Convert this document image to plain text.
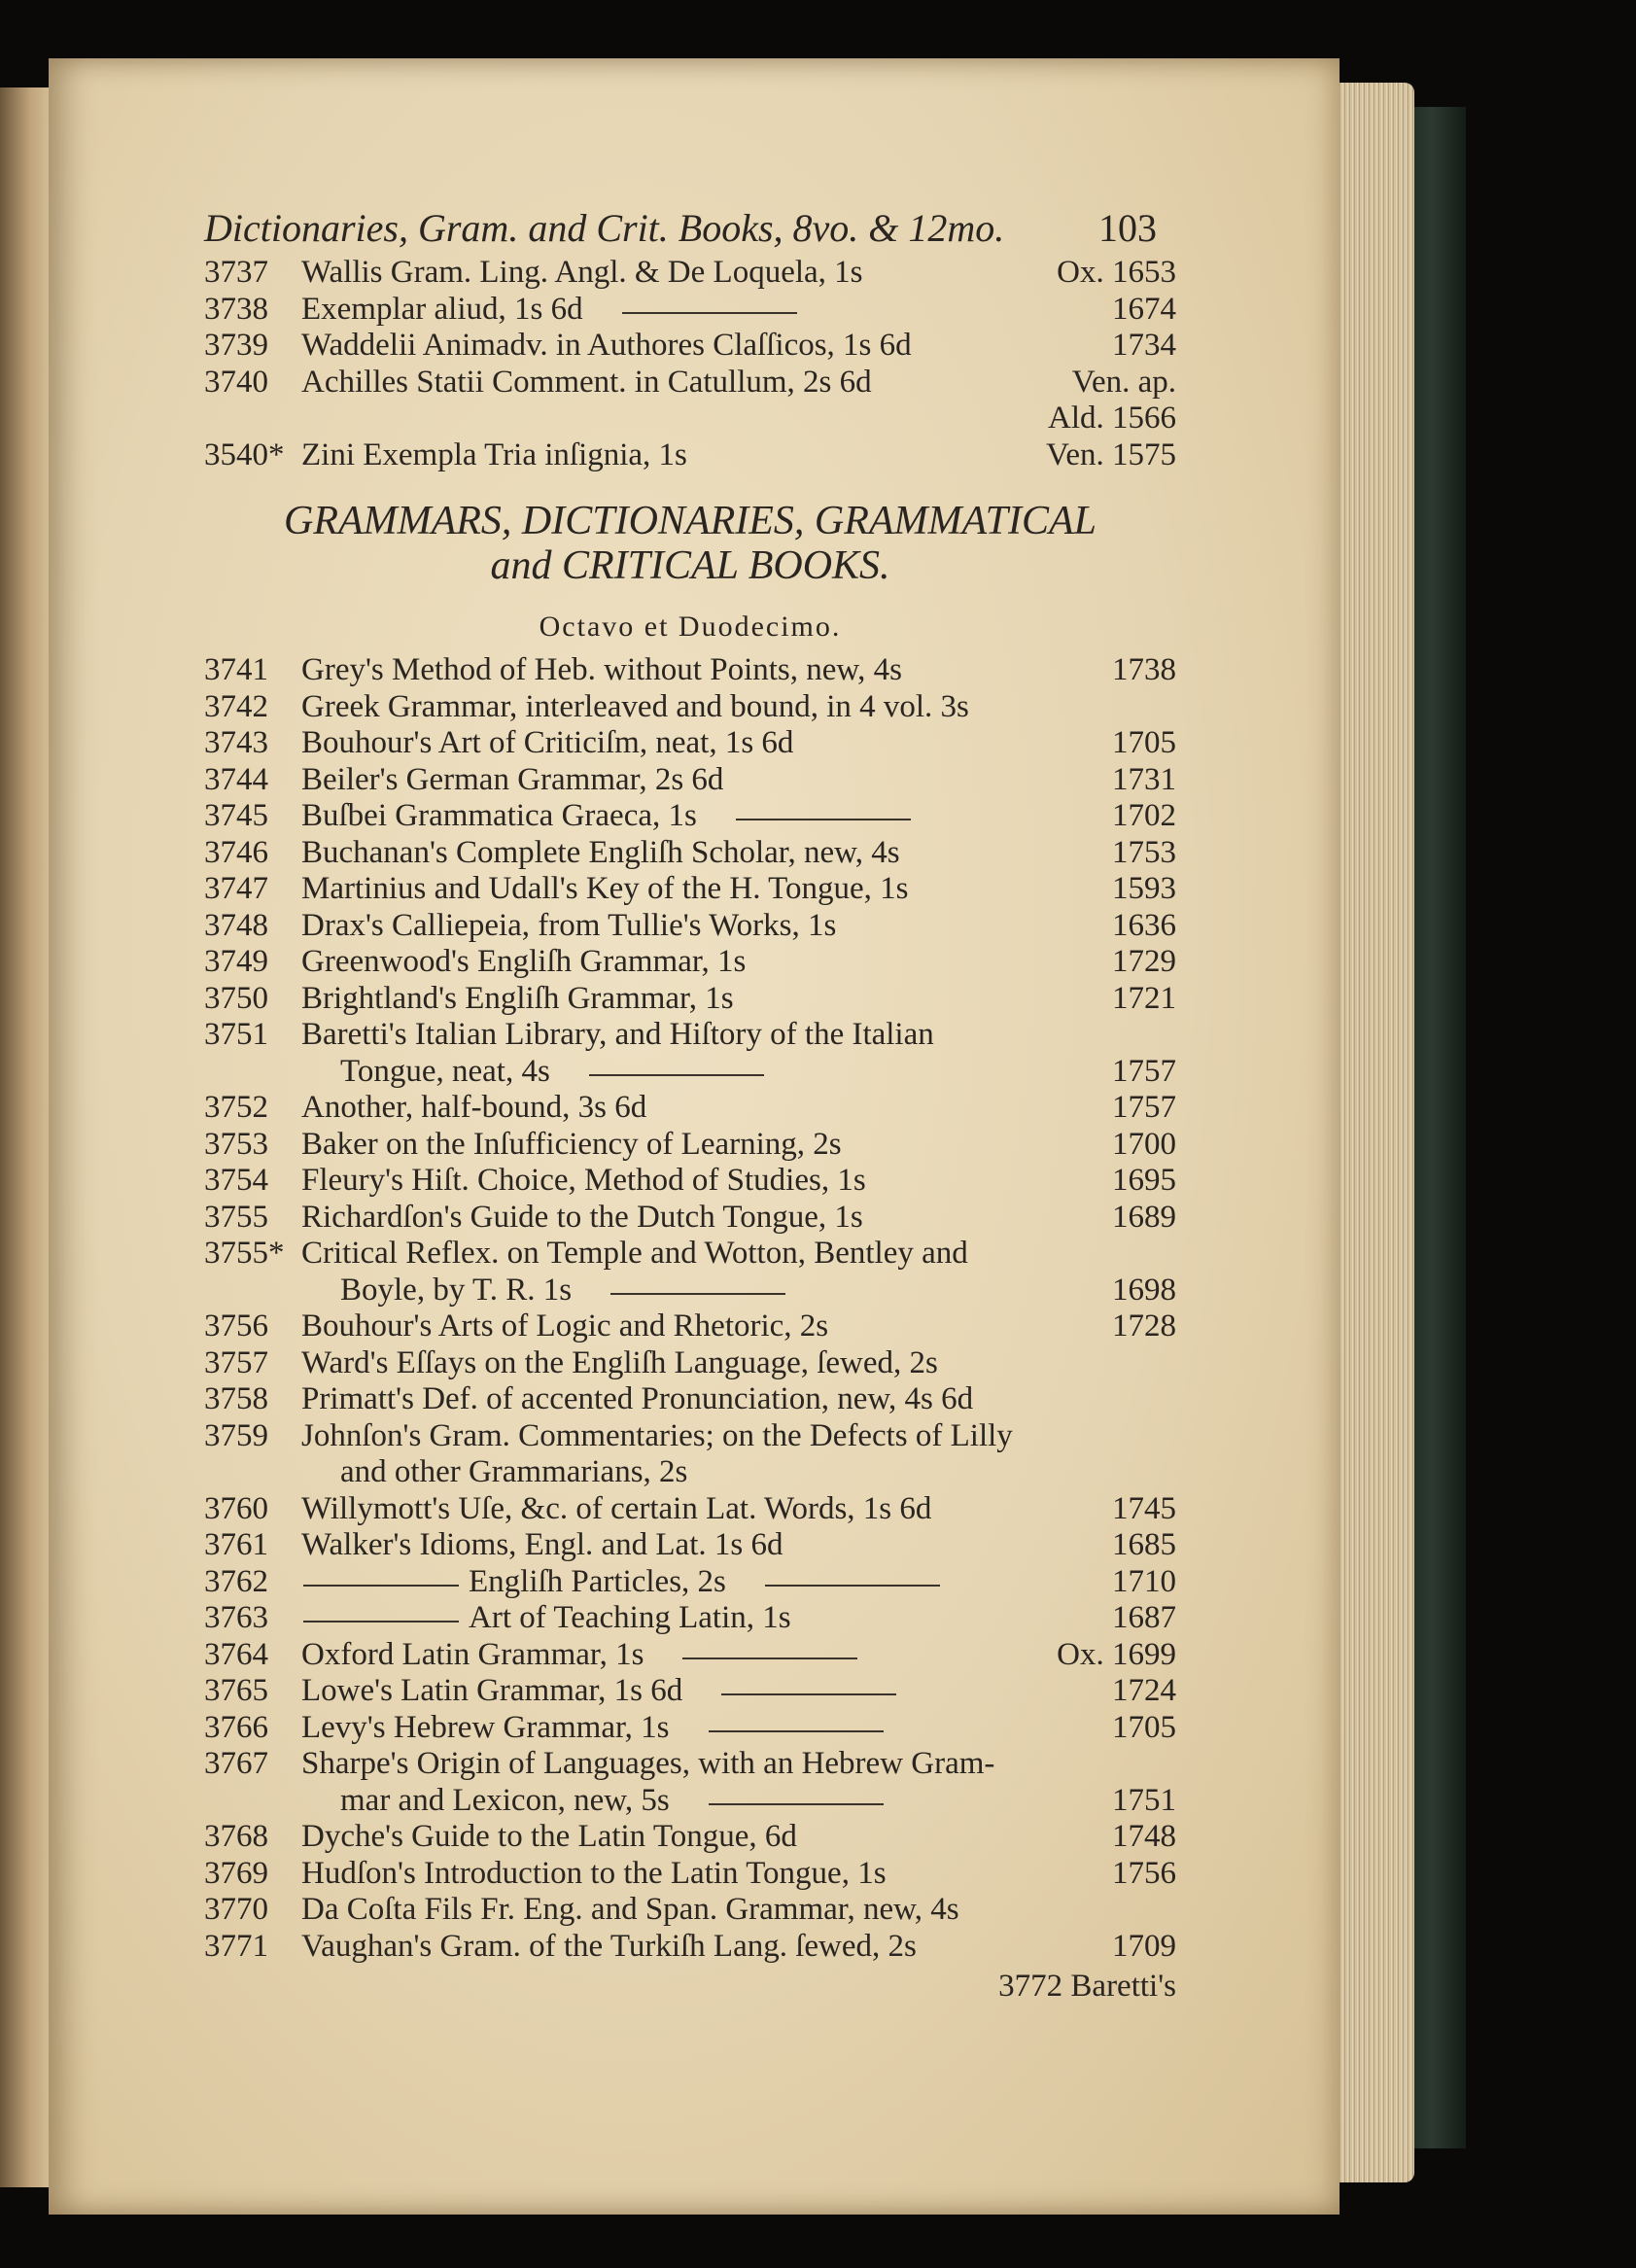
Dictionaries, Gram. and Crit. Books, 8vo. & 12mo. 103
3737	Wallis Gram. Ling. Angl. & De Loquela, 1s	Ox. 1653
3738	Exemplar aliud, 1s 6d	1674
3739	Waddelii Animadv. in Authores Claſſicos, 1s 6d	1734
3740	Achilles Statii Comment. in Catullum, 2s 6d	Ven. ap.
Ald. 1566
3540* Zini Exempla Tria inſignia, 1s	Ven. 1575
GRAMMARS, DICTIONARIES, GRAMMATICAL
and CRITICAL BOOKS.
Octavo et Duodecimo.
3741	Grey's Method of Heb. without Points, new, 4s	1738
3742	Greek Grammar, interleaved and bound, in 4 vol. 3s
3743	Bouhour's Art of Criticiſm, neat, 1s 6d	1705
3744	Beiler's German Grammar, 2s 6d	1731
3745	Buſbei Grammatica Graeca, 1s	1702
3746	Buchanan's Complete Engliſh Scholar, new, 4s	1753
3747	Martinius and Udall's Key of the H. Tongue, 1s	1593
3748	Drax's Calliepeia, from Tullie's Works, 1s	1636
3749	Greenwood's Engliſh Grammar, 1s	1729
3750	Brightland's Engliſh Grammar, 1s	1721
3751	Baretti's Italian Library, and Hiſtory of the Italian
Tongue, neat, 4s	1757
3752	Another, half-bound, 3s 6d	1757
3753	Baker on the Inſufficiency of Learning, 2s	1700
3754	Fleury's Hiſt. Choice, Method of Studies, 1s	1695
3755	Richardſon's Guide to the Dutch Tongue, 1s	1689
3755* Critical Reflex. on Temple and Wotton, Bentley and
Boyle, by T. R. 1s	1698
3756	Bouhour's Arts of Logic and Rhetoric, 2s	1728
3757	Ward's Eſſays on the Engliſh Language, ſewed, 2s
3758	Primatt's Def. of accented Pronunciation, new, 4s 6d
3759	Johnſon's Gram. Commentaries; on the Defects of Lilly
and other Grammarians, 2s
3760	Willymott's Uſe, &c. of certain Lat. Words, 1s 6d	1745
3761	Walker's Idioms, Engl. and Lat. 1s 6d	1685
3762	Engliſh Particles, 2s	1710
3763	Art of Teaching Latin, 1s	1687
3764	Oxford Latin Grammar, 1s	Ox. 1699
3765	Lowe's Latin Grammar, 1s 6d	1724
3766	Levy's Hebrew Grammar, 1s	1705
3767	Sharpe's Origin of Languages, with an Hebrew Gram-
mar and Lexicon, new, 5s	1751
3768	Dyche's Guide to the Latin Tongue, 6d	1748
3769	Hudſon's Introduction to the Latin Tongue, 1s	1756
3770	Da Coſta Fils Fr. Eng. and Span. Grammar, new, 4s
3771	Vaughan's Gram. of the Turkiſh Lang. ſewed, 2s	1709
3772 Baretti's
